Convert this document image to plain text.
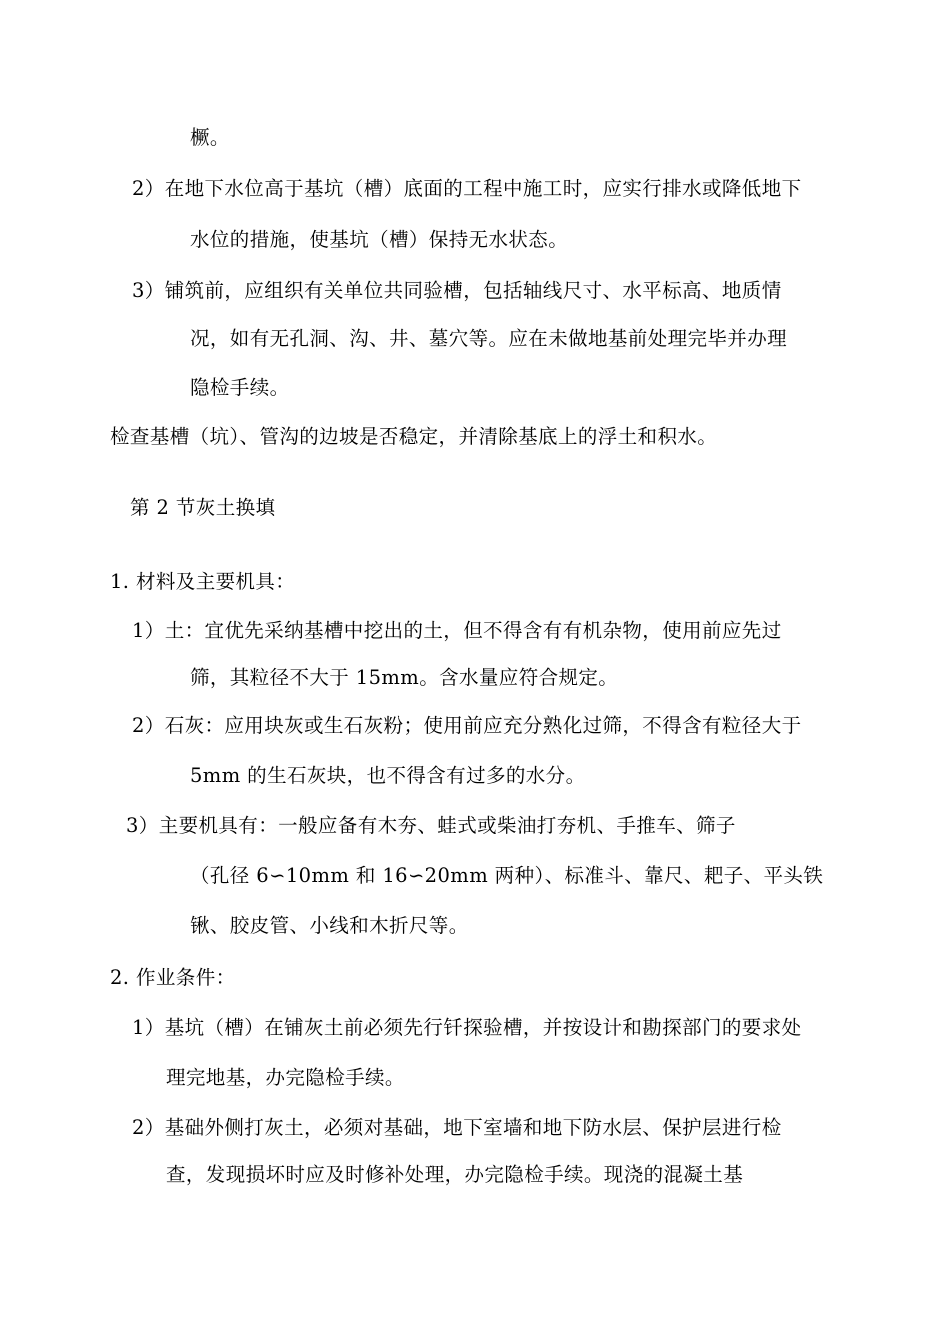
橛。
2）在地下水位高于基坑（槽）底面的工程中施工时，应实行排水或降低地下
水位的措施，使基坑（槽）保持无水状态。
3）铺筑前，应组织有关单位共同验槽，包括轴线尺寸、水平标高、地质情
况，如有无孔洞、沟、井、墓穴等。应在未做地基前处理完毕并办理
隐检手续。
检查基槽（坑）、管沟的边坡是否稳定，并清除基底上的浮土和积水。
第 2 节灰土换填
1. 材料及主要机具：
1）土：宜优先采纳基槽中挖出的土，但不得含有有机杂物，使用前应先过
筛，其粒径不大于 15mm。含水量应符合规定。
2）石灰：应用块灰或生石灰粉；使用前应充分熟化过筛，不得含有粒径大于
5mm 的生石灰块，也不得含有过多的水分。
3）主要机具有：一般应备有木夯、蛙式或柴油打夯机、手推车、筛子
（孔径 6∽10mm 和 16∽20mm 两种）、标准斗、靠尺、耙子、平头铁
锹、胶皮管、小线和木折尺等。
2. 作业条件：
1）基坑（槽）在铺灰土前必须先行钎探验槽，并按设计和勘探部门的要求处
理完地基，办完隐检手续。
2）基础外侧打灰土，必须对基础，地下室墙和地下防水层、保护层进行检
查，发现损坏时应及时修补处理，办完隐检手续。现浇的混凝土基
